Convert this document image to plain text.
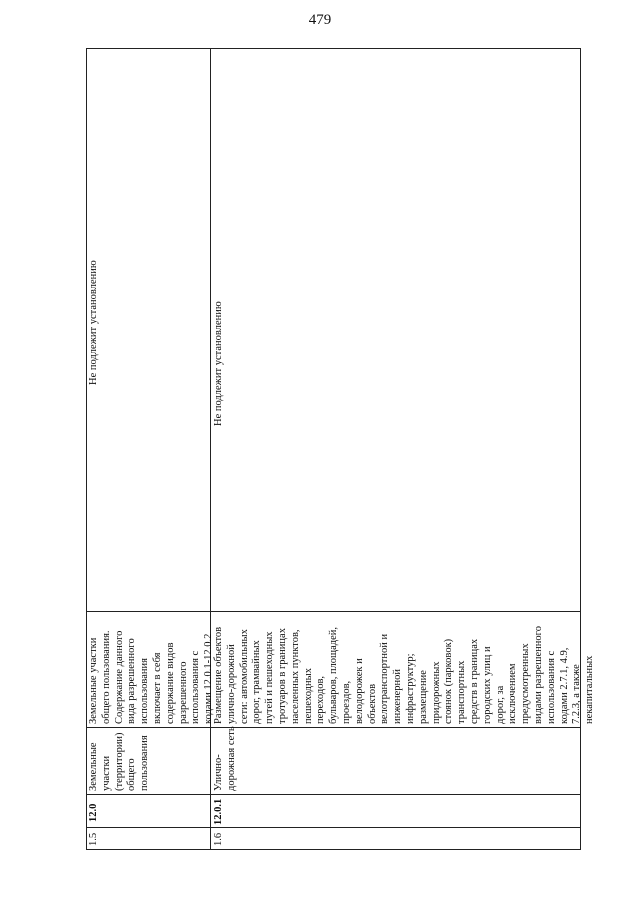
479
1.5
12.0
Земельные участки (территории) общего пользования
Земельные участки общего пользования. Содержание данного вида разрешенного использования включает в себя содержание видов разрешенного использования с кодами 12.0.1-12.0.2
Не подлежит установлению
1.6
12.0.1
Улично- дорожная сеть
Размещение объектов улично-дорожной сети: автомобильных дорог, трамвайных путей и пешеходных тротуаров в границах населенных пунктов, пешеходных переходов, бульваров, площадей, проездов, велодорожек и объектов велотранспортной и инженерной инфраструктур; размещение придорожных стоянок (парковок) транспортных средств в границах городских улиц и дорог, за исключением предусмотренных видами разрешенного использования с кодами 2.7.1, 4.9, 7.2.3, а также некапитальных
Не подлежит установлению
